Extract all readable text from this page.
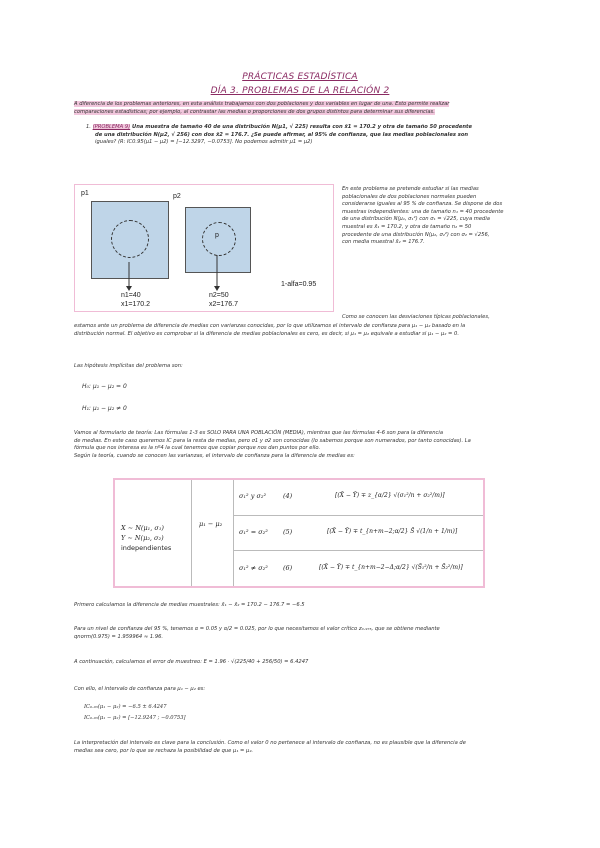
PRÁCTICAS ESTADÍSTICA
DÍA 3. PROBLEMAS DE LA RELACIÓN 2
A diferencia de los problemas anteriores, en esta análisis trabajamos con dos poblaciones y dos variables en lugar de una. Esto permite realizar
comparaciones estadísticas; por ejemplo, al contrastar las medias o proporciones de dos grupos distintos para determinar sus diferencias.
1. (PROBLEMA 9) Una muestra de tamaño 40 de una distribución N(μ1, √ 225) resulta con x̄1 = 170.2 y otra de tamaño 50 procedente
de una distribución N(μ2, √ 256) con dos x̄2 = 176.7. ¿Se puede afirmar, al 95% de confianza, que las medias poblacionales son
iguales? (R: IC0.95(μ1 − μ2) = [−12.3297, −0.0753]. No podemos admitir μ1 = μ2)
p1	p2
p
n1=40
x1=170.2
n2=50
x2=176.7
1-alfa=0.95
En este problema se pretende estudiar si las medias
poblacionales de dos poblaciones normales pueden
considerarse iguales al 95 % de confianza. Se dispone de dos
muestras independientes: una de tamaño n₁ = 40 procedente
de una distribución N(μ₁, σ₁²) con σ₁ = √225, cuya media
muestral es x̄₁ = 170.2, y otra de tamaño n₂ = 50
procedente de una distribución N(μ₂, σ₂²) con σ₂ = √256,
con media muestral x̄₂ = 176.7.
Como se conocen las desviaciones típicas poblacionales,
estamos ante un problema de diferencia de medias con varianzas conocidas, por lo que utilizamos el intervalo de confianza para μ₁ − μ₂ basado en la
distribución normal. El objetivo es comprobar si la diferencia de medias poblacionales es cero, es decir, si μ₁ = μ₂ equivale a estudiar si μ₁ − μ₂ = 0.
Las hipótesis implícitas del problema son:
H₀: μ₁ − μ₂ = 0
H₁: μ₁ − μ₂ ≠ 0
Vamos al formulario de teoría: Las fórmulas 1-3 es SOLO PARA UNA POBLACIÓN (MEDIA), mientras que las fórmulas 4-6 son para la diferencia
de medias. En este caso queremos IC para la resta de medias, pero σ1 y σ2 son conocidas (lo sabemos porque son numerados, por tanto conocidas). La
fórmula que nos interesa es la nº4 la cual tenemos que copiar porque nos dan puntos por ello.
Según la teoría, cuando se conocen las varianzas, el intervalo de confianza para la diferencia de medias es:
X ∼ N(μ₁, σ₁)
Y ∼ N(μ₂, σ₂)
independientes
μ₁ − μ₂
σ₁² y σ₂²	(4)	[(X̄ − Ȳ) ∓ z_{α/2} √(σ₁²/n + σ₂²/m)]
σ₁² = σ₂² (5)	[(X̄ − Ȳ) ∓ t_{n+m−2;α/2} S̃ √(1/n + 1/m)]
σ₁² ≠ σ₂² (6)	[(X̄ − Ȳ) ∓ t_{n+m−2−Δ;α/2} √(S̃₁²/n + S̃₂²/m)]
Primero calculamos la diferencia de medias muestrales: x̄₁ − x̄₂ = 170.2 − 176.7 = −6.5
Para un nivel de confianza del 95 %, tenemos α = 0.05 y α/2 = 0.025, por lo que necesitamos el valor crítico z₀.₉₇₅, que se obtiene mediante
qnorm(0.975) = 1.959964 ≈ 1.96.
A continuación, calculamos el error de muestreo: E = 1.96 · √(225/40 + 256/50) = 6.4247
Con ello, el intervalo de confianza para μ₁ − μ₂ es:
IC₀.₉₅(μ₁ − μ₂) = −6.5 ± 6.4247
IC₀.₉₅(μ₁ − μ₂) = [−12.9247 ; −0.0753]
La interpretación del intervalo es clave para la conclusión. Como el valor 0 no pertenece al intervalo de confianza, no es plausible que la diferencia de
medias sea cero, por lo que se rechaza la posibilidad de que μ₁ = μ₂.
